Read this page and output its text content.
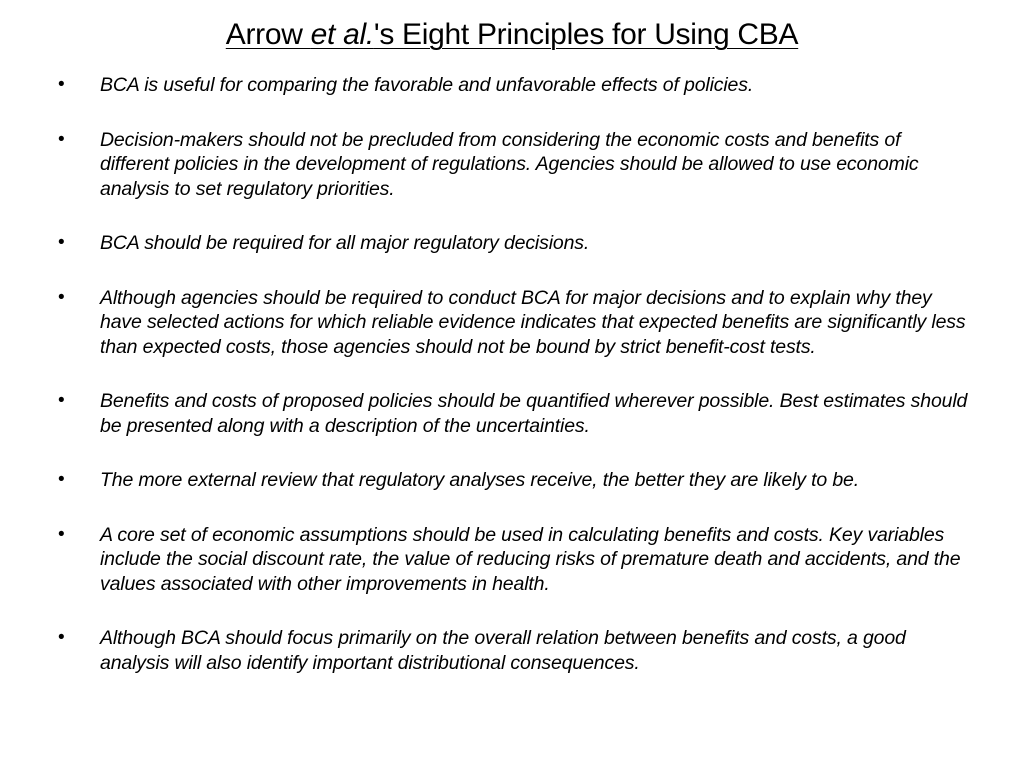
Arrow et al.'s Eight Principles for Using CBA
• BCA is useful for comparing the favorable and unfavorable effects of policies.
• Decision-makers should not be precluded from considering the economic costs and benefits of different policies in the development of regulations. Agencies should be allowed to use economic analysis to set regulatory priorities.
• BCA should be required for all major regulatory decisions.
• Although agencies should be required to conduct BCA for major decisions and to explain why they have selected actions for which reliable evidence indicates that expected benefits are significantly less than expected costs, those agencies should not be bound by strict benefit-cost tests.
• Benefits and costs of proposed policies should be quantified wherever possible. Best estimates should be presented along with a description of the uncertainties.
• The more external review that regulatory analyses receive, the better they are likely to be.
• A core set of economic assumptions should be used in calculating benefits and costs. Key variables include the social discount rate, the value of reducing risks of premature death and accidents, and the values associated with other improvements in health.
• Although BCA should focus primarily on the overall relation between benefits and costs, a good analysis will also identify important distributional consequences.
